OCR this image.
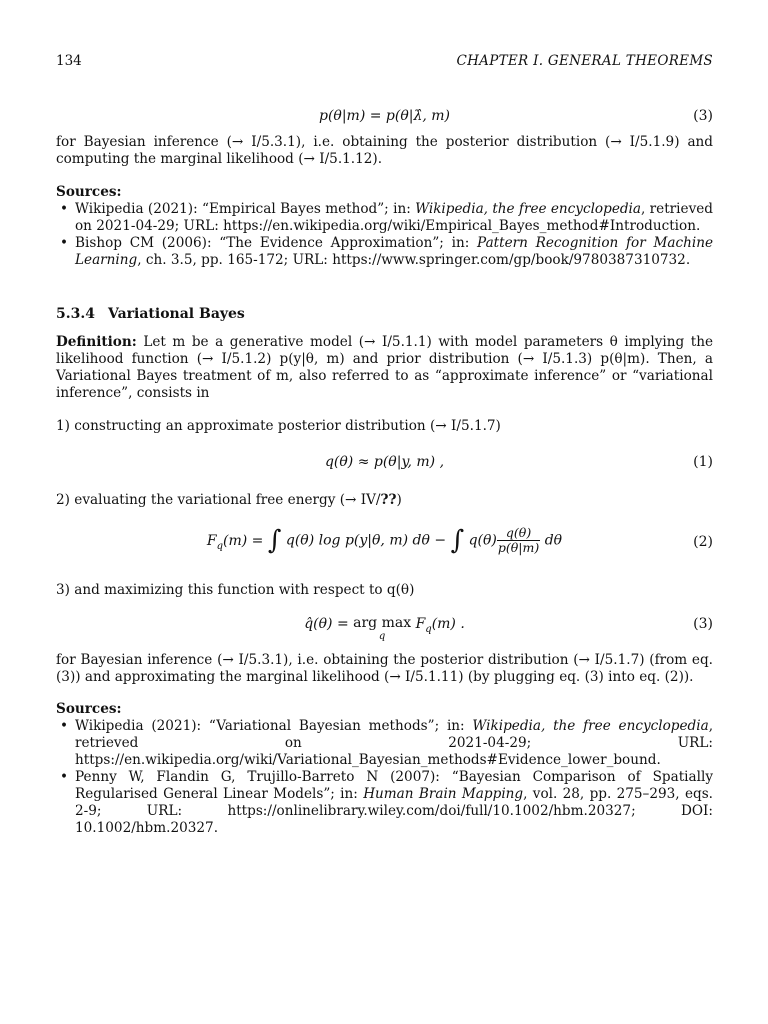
134	CHAPTER I. GENERAL THEOREMS
p(θ|m) = p(θ|λ̂, m)	(3)
for Bayesian inference (→ I/5.3.1), i.e. obtaining the posterior distribution (→ I/5.1.9) and computing the marginal likelihood (→ I/5.1.12).
Sources:
• Wikipedia (2021): “Empirical Bayes method”; in: Wikipedia, the free encyclopedia, retrieved on 2021-04-29; URL: https://en.wikipedia.org/wiki/Empirical_Bayes_method#Introduction.
• Bishop CM (2006): “The Evidence Approximation”; in: Pattern Recognition for Machine Learning, ch. 3.5, pp. 165-172; URL: https://www.springer.com/gp/book/9780387310732.
5.3.4 Variational Bayes
Definition: Let m be a generative model (→ I/5.1.1) with model parameters θ implying the likelihood function (→ I/5.1.2) p(y|θ, m) and prior distribution (→ I/5.1.3) p(θ|m). Then, a Variational Bayes treatment of m, also referred to as “approximate inference” or “variational inference”, consists in
1) constructing an approximate posterior distribution (→ I/5.1.7)
q(θ) ≈ p(θ|y, m) ,	(1)
2) evaluating the variational free energy (→ IV/??)
$F_q(m)$ = ∫ q(θ) log p(y|θ, m) dθ − ∫ $q(\theta) \frac{q(\theta)}{p(\theta|m)}$ dθ	(2)
3) and maximizing this function with respect to q(θ)
q̂(θ) = arg max
q
$F_q(m)$ .	(3)
for Bayesian inference (→ I/5.3.1), i.e. obtaining the posterior distribution (→ I/5.1.7) (from eq. (3)) and approximating the marginal likelihood (→ I/5.1.11) (by plugging eq. (3) into eq. (2)).
Sources:
• Wikipedia (2021): “Variational Bayesian methods”; in: Wikipedia, the free encyclopedia, retrieved on 2021-04-29; URL: https://en.wikipedia.org/wiki/Variational_Bayesian_methods#Evidence_lower_bound.
• Penny W, Flandin G, Trujillo-Barreto N (2007): “Bayesian Comparison of Spatially Regularised General Linear Models”; in: Human Brain Mapping, vol. 28, pp. 275–293, eqs. 2-9; URL: https://onlinelibrary.wiley.com/doi/full/10.1002/hbm.20327; DOI: 10.1002/hbm.20327.
